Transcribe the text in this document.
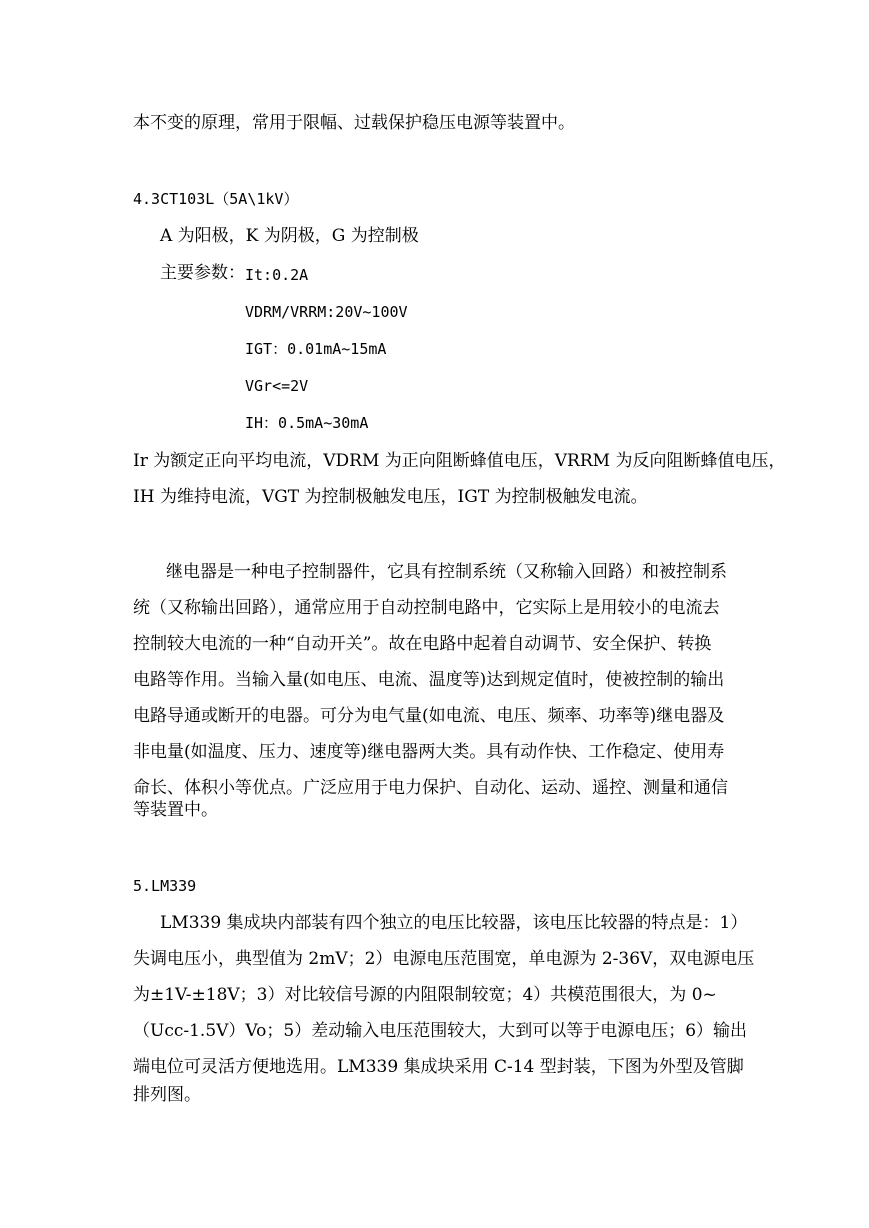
本不变的原理，常用于限幅、过载保护稳压电源等装置中。
4.3CT103L（5A\1kV）
A 为阳极，K 为阴极，G 为控制极
主要参数： It:0.2A
VDRM/VRRM:20V~100V
IGT：0.01mA~15mA
VGr<=2V
IH：0.5mA~30mA
Ir 为额定正向平均电流，VDRM 为正向阻断蜂值电压，VRRM 为反向阻断蜂值电压，
IH 为维持电流，VGT 为控制极触发电压，IGT 为控制极触发电流。
继电器是一种电子控制器件，它具有控制系统（又称输入回路）和被控制系
统（又称输出回路），通常应用于自动控制电路中，它实际上是用较小的电流去
控制较大电流的一种“自动开关”。故在电路中起着自动调节、安全保护、转换
电路等作用。当输入量(如电压、电流、温度等)达到规定值时，使被控制的输出
电路导通或断开的电器。可分为电气量(如电流、电压、频率、功率等)继电器及
非电量(如温度、压力、速度等)继电器两大类。具有动作快、工作稳定、使用寿
命长、体积小等优点。广泛应用于电力保护、自动化、运动、遥控、测量和通信
等装置中。
5.LM339
LM339 集成块内部装有四个独立的电压比较器，该电压比较器的特点是：1）
失调电压小，典型值为 2mV；2）电源电压范围宽，单电源为 2-36V，双电源电压
为±1V-±18V；3）对比较信号源的内阻限制较宽；4）共模范围很大，为 0~
（Ucc-1.5V）Vo；5）差动输入电压范围较大，大到可以等于电源电压；6）输出
端电位可灵活方便地选用。LM339 集成块采用 C-14 型封装，下图为外型及管脚
排列图。
